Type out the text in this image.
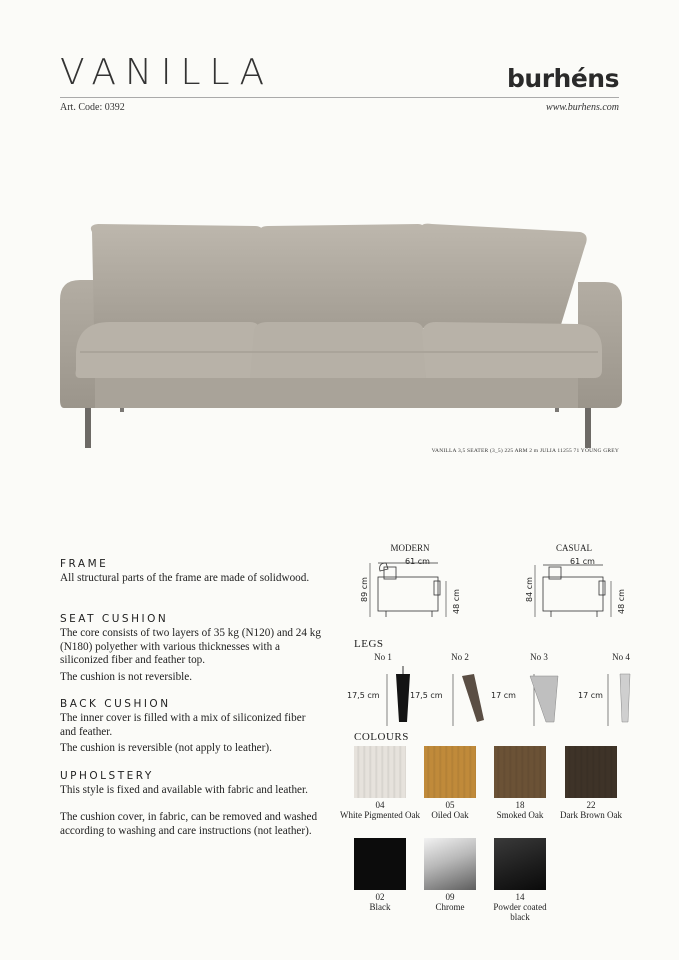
VANILLA	burhéns
Art. Code: 0392	www.burhens.com
VANILLA 3,5 SEATER (3_5) 225 ARM 2 m JULIA 11255 71 YOUNG GREY
FRAME

All structural parts of the frame are made of solidwood.

SEAT CUSHION

The core consists of two layers of 35 kg (N120) and 24 kg (N180) polyether with various thicknesses with a siliconized fiber and feather top.

The cushion is not reversible.

BACK CUSHION

The inner cover is filled with a mix of siliconized fiber and feather.

The cushion is reversible (not apply to leather).

UPHOLSTERY

This style is fixed and available with fabric and leather.

The cushion cover, in fabric, can be removed and washed according to washing and care instructions (not leather).

MODERN	CASUAL
61 cm
89 cm	48 cm
61 cm
84 cm	48 cm
LEGS
No 1	No 2	No 3	No 4
17,5 cm	17,5 cm	17 cm	17 cm
COLOURS
04
White Pigmented Oak
05
Oiled Oak
18
Smoked Oak
22
Dark Brown Oak
02
Black
09
Chrome
14
Powder coated black
